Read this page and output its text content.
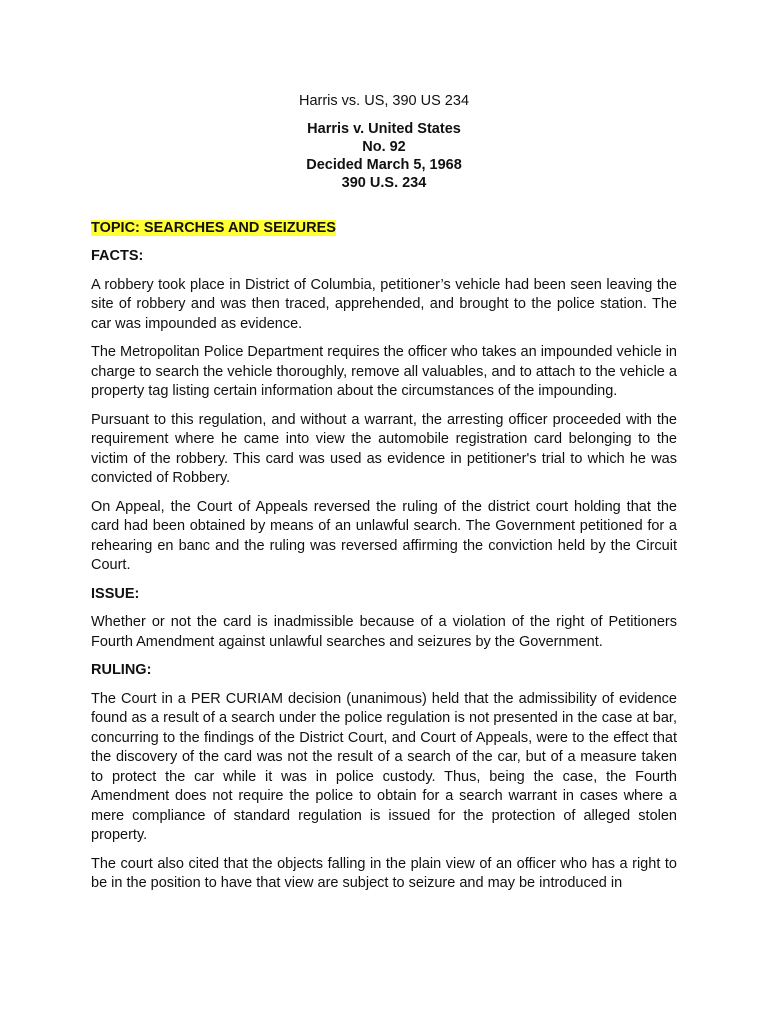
Harris vs. US, 390 US 234
Harris v. United States
No. 92
Decided March 5, 1968
390 U.S. 234
TOPIC: SEARCHES AND SEIZURES
FACTS:

A robbery took place in District of Columbia, petitioner’s vehicle had been seen leaving the site of robbery and was then traced, apprehended, and brought to the police station. The car was impounded as evidence.

The Metropolitan Police Department requires the officer who takes an impounded vehicle in charge to search the vehicle thoroughly, remove all valuables, and to attach to the vehicle a property tag listing certain information about the circumstances of the impounding.

Pursuant to this regulation, and without a warrant, the arresting officer proceeded with the requirement where he came into view the automobile registration card belonging to the victim of the robbery. This card was used as evidence in petitioner's trial to which he was convicted of Robbery.

On Appeal, the Court of Appeals reversed the ruling of the district court holding that the card had been obtained by means of an unlawful search. The Government petitioned for a rehearing en banc and the ruling was reversed affirming the conviction held by the Circuit Court.

ISSUE:

Whether or not the card is inadmissible because of a violation of the right of Petitioners Fourth Amendment against unlawful searches and seizures by the Government.

RULING:

The Court in a PER CURIAM decision (unanimous) held that the admissibility of evidence found as a result of a search under the police regulation is not presented in the case at bar, concurring to the findings of the District Court, and Court of Appeals, were to the effect that the discovery of the card was not the result of a search of the car, but of a measure taken to protect the car while it was in police custody. Thus, being the case, the Fourth Amendment does not require the police to obtain for a search warrant in cases where a mere compliance of standard regulation is issued for the protection of alleged stolen property.

The court also cited that the objects falling in the plain view of an officer who has a right to be in the position to have that view are subject to seizure and may be introduced in
